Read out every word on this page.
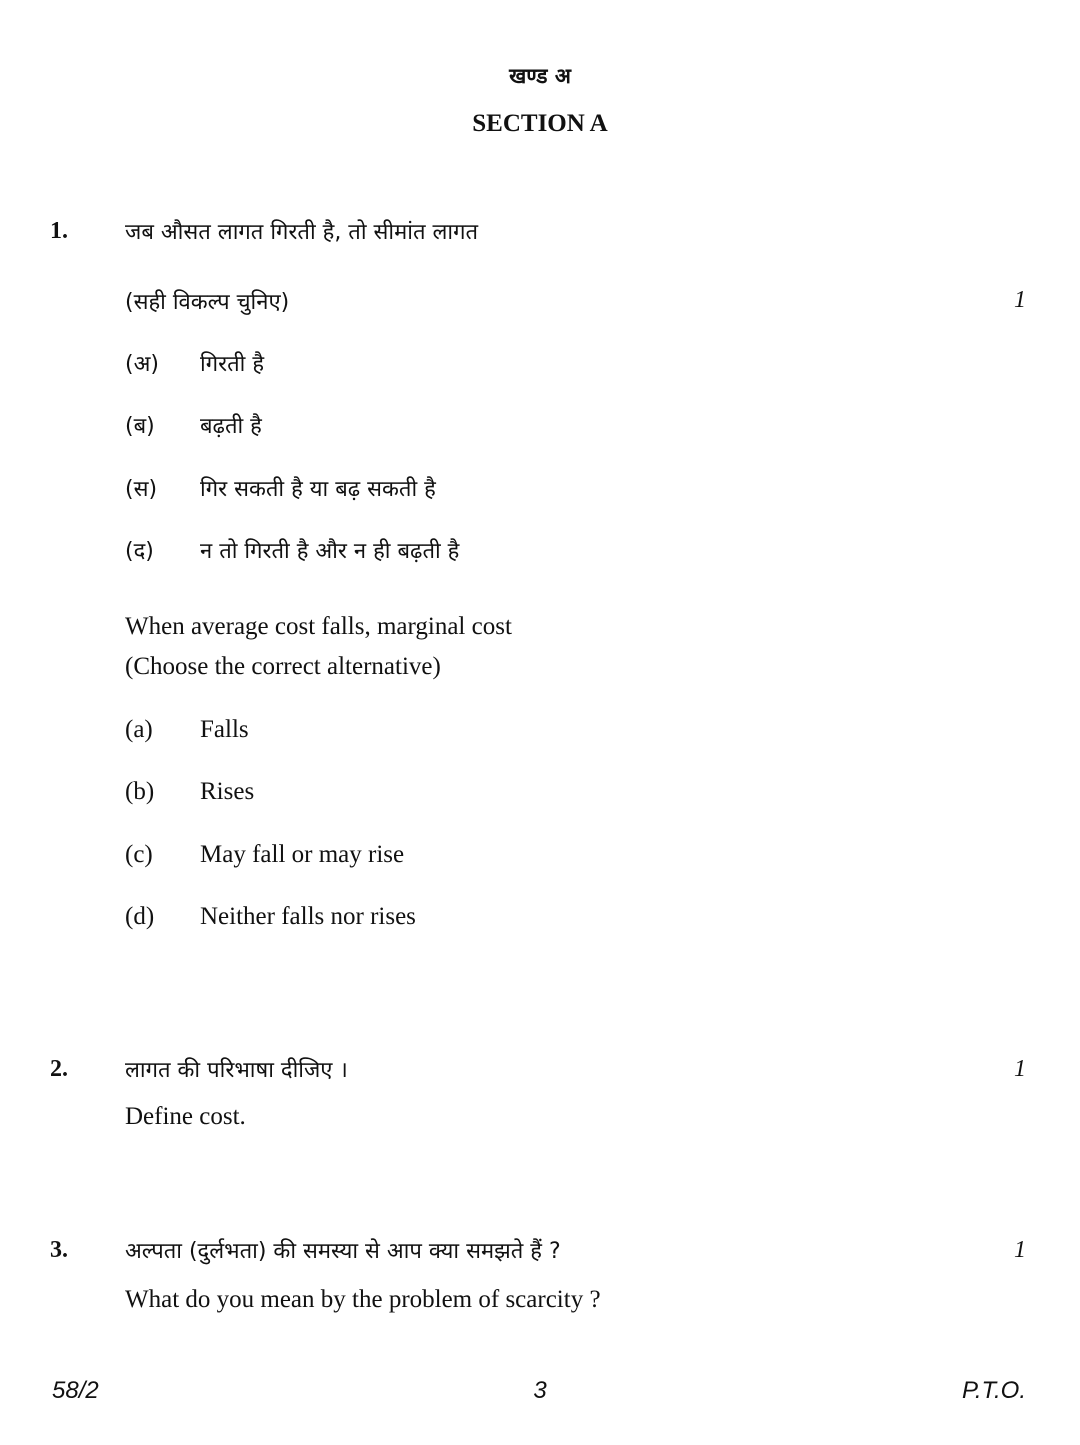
खण्ड अ
SECTION A
1.	जब औसत लागत गिरती है, तो सीमांत लागत
(सही विकल्प चुनिए)	1
(अ) गिरती है
(ब) बढ़ती है
(स) गिर सकती है या बढ़ सकती है
(द) न तो गिरती है और न ही बढ़ती है
When average cost falls, marginal cost
(Choose the correct alternative)
(a) Falls
(b) Rises
(c) May fall or may rise
(d) Neither falls nor rises
2.	लागत की परिभाषा दीजिए ।	1
Define cost.
3.	अल्पता (दुर्लभता) की समस्या से आप क्या समझते हैं ?	1
What do you mean by the problem of scarcity ?
58/2	3	P.T.O.
